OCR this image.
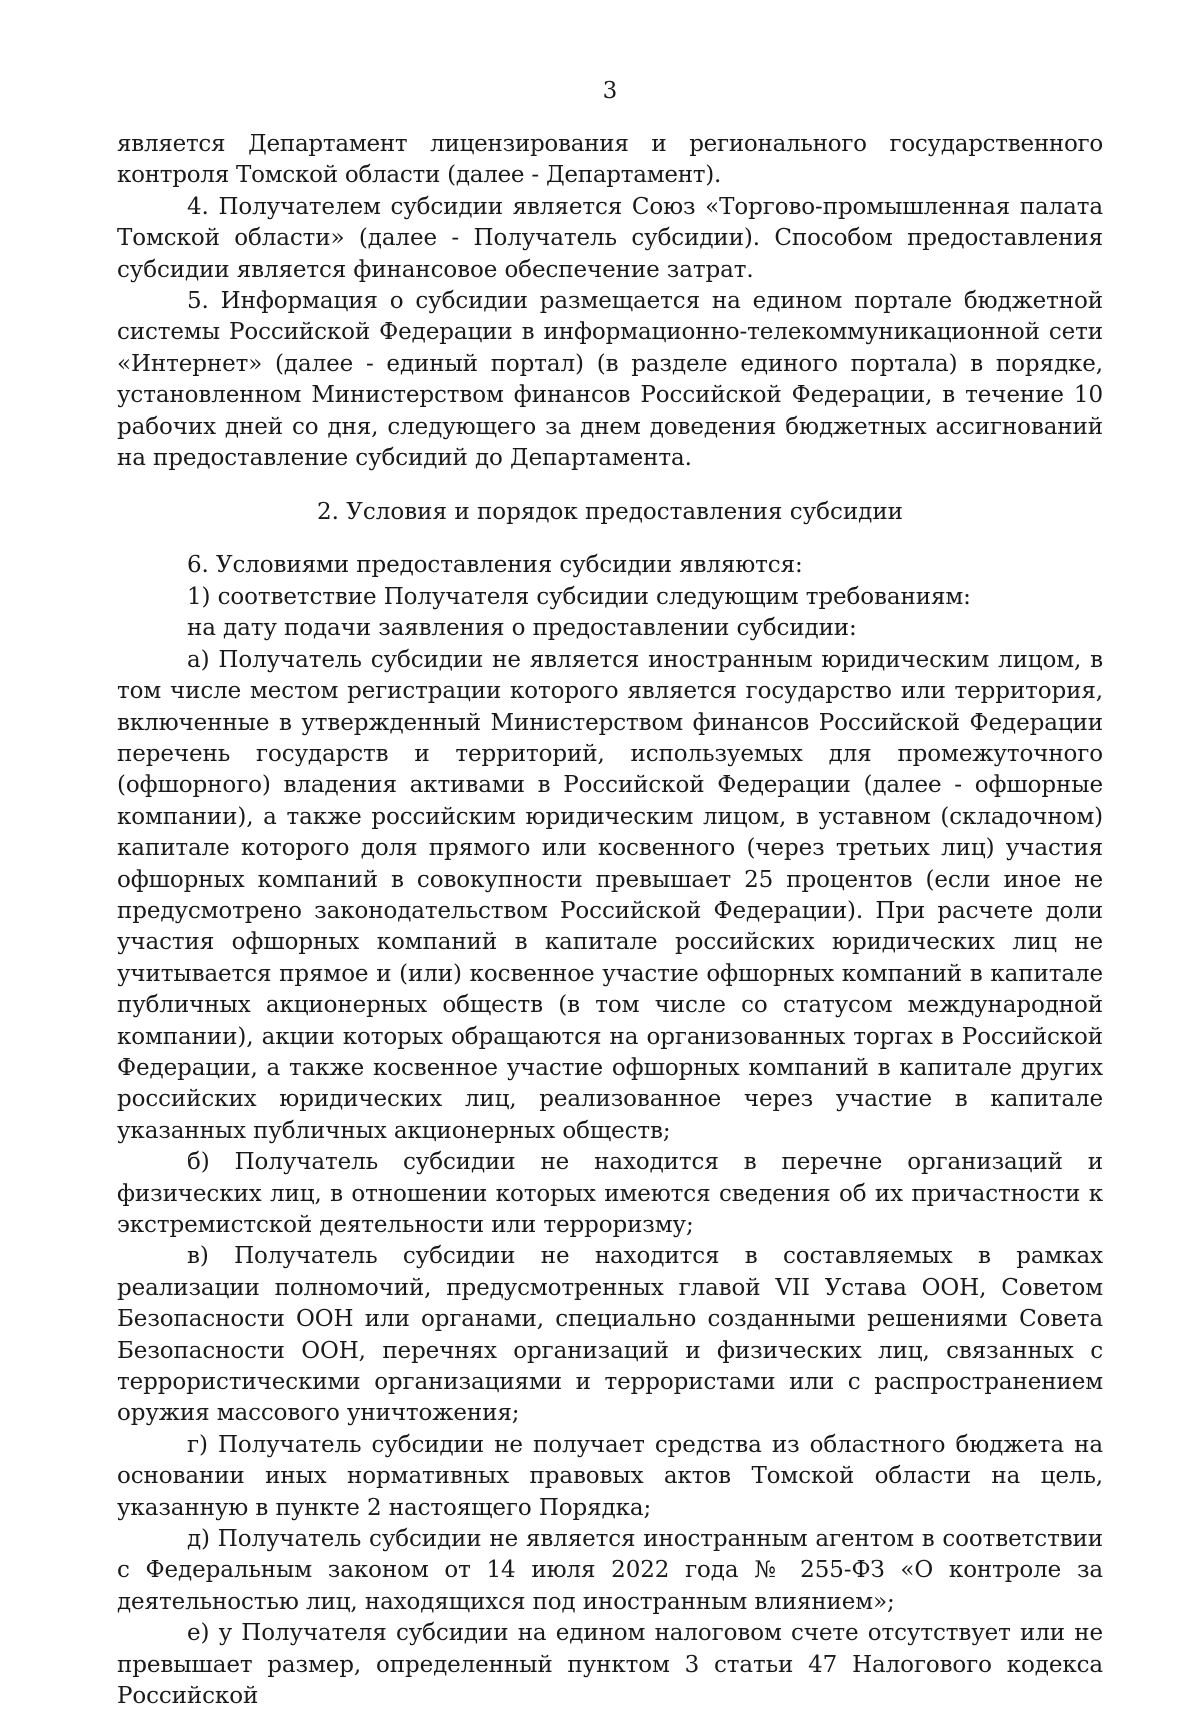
3

является Департамент лицензирования и регионального государственного контроля Томской области (далее - Департамент).

4. Получателем субсидии является Союз «Торгово-промышленная палата Томской области» (далее - Получатель субсидии). Способом предоставления субсидии является финансовое обеспечение затрат.

5. Информация о субсидии размещается на едином портале бюджетной системы Российской Федерации в информационно-телекоммуникационной сети «Интернет» (далее - единый портал) (в разделе единого портала) в порядке, установленном Министерством финансов Российской Федерации, в течение 10 рабочих дней со дня, следующего за днем доведения бюджетных ассигнований на предоставление субсидий до Департамента.

2. Условия и порядок предоставления субсидии

6. Условиями предоставления субсидии являются:

1) соответствие Получателя субсидии следующим требованиям:

на дату подачи заявления о предоставлении субсидии:

а) Получатель субсидии не является иностранным юридическим лицом, в том числе местом регистрации которого является государство или территория, включенные в утвержденный Министерством финансов Российской Федерации перечень государств и территорий, используемых для промежуточного (офшорного) владения активами в Российской Федерации (далее - офшорные компании), а также российским юридическим лицом, в уставном (складочном) капитале которого доля прямого или косвенного (через третьих лиц) участия офшорных компаний в совокупности превышает 25 процентов (если иное не предусмотрено законодательством Российской Федерации). При расчете доли участия офшорных компаний в капитале российских юридических лиц не учитывается прямое и (или) косвенное участие офшорных компаний в капитале публичных акционерных обществ (в том числе со статусом международной компании), акции которых обращаются на организованных торгах в Российской Федерации, а также косвенное участие офшорных компаний в капитале других российских юридических лиц, реализованное через участие в капитале указанных публичных акционерных обществ;

б) Получатель субсидии не находится в перечне организаций и физических лиц, в отношении которых имеются сведения об их причастности к экстремистской деятельности или терроризму;

в) Получатель субсидии не находится в составляемых в рамках реализации полномочий, предусмотренных главой VII Устава ООН, Советом Безопасности ООН или органами, специально созданными решениями Совета Безопасности ООН, перечнях организаций и физических лиц, связанных с террористическими организациями и террористами или с распространением оружия массового уничтожения;

г) Получатель субсидии не получает средства из областного бюджета на основании иных нормативных правовых актов Томской области на цель, указанную в пункте 2 настоящего Порядка;

д) Получатель субсидии не является иностранным агентом в соответствии с Федеральным законом от 14 июля 2022 года № 255-ФЗ «О контроле за деятельностью лиц, находящихся под иностранным влиянием»;

е) у Получателя субсидии на едином налоговом счете отсутствует или не превышает размер, определенный пунктом 3 статьи 47 Налогового кодекса Российской
